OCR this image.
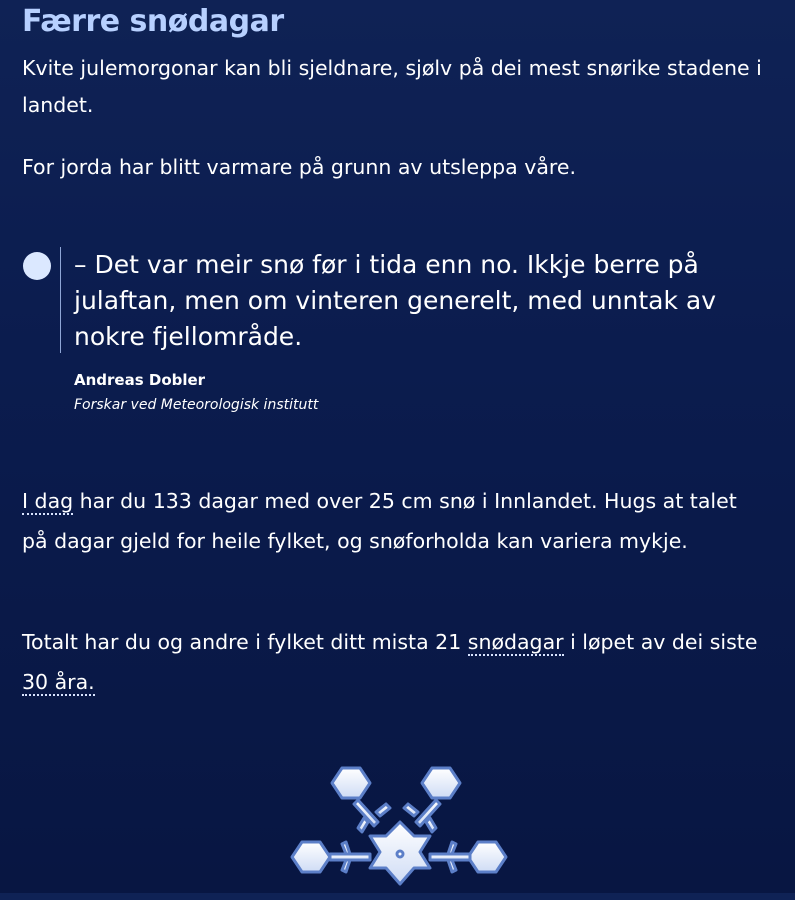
Færre snødagar

Kvite julemorgonar kan bli sjeldnare, sjølv på dei mest snørike stadene i landet.

For jorda har blitt varmare på grunn av utsleppa våre.

– Det var meir snø før i tida enn no. Ikkje berre på julaftan, men om vinteren generelt, med unntak av nokre fjellområde.

Andreas Dobler
Forskar ved Meteorologisk institutt

I dag har du 133 dagar med over 25 cm snø i Innlandet. Hugs at talet på dagar gjeld for heile fylket, og snøforholda kan variera mykje.

Totalt har du og andre i fylket ditt mista 21 snødagar i løpet av dei siste 30 åra.
